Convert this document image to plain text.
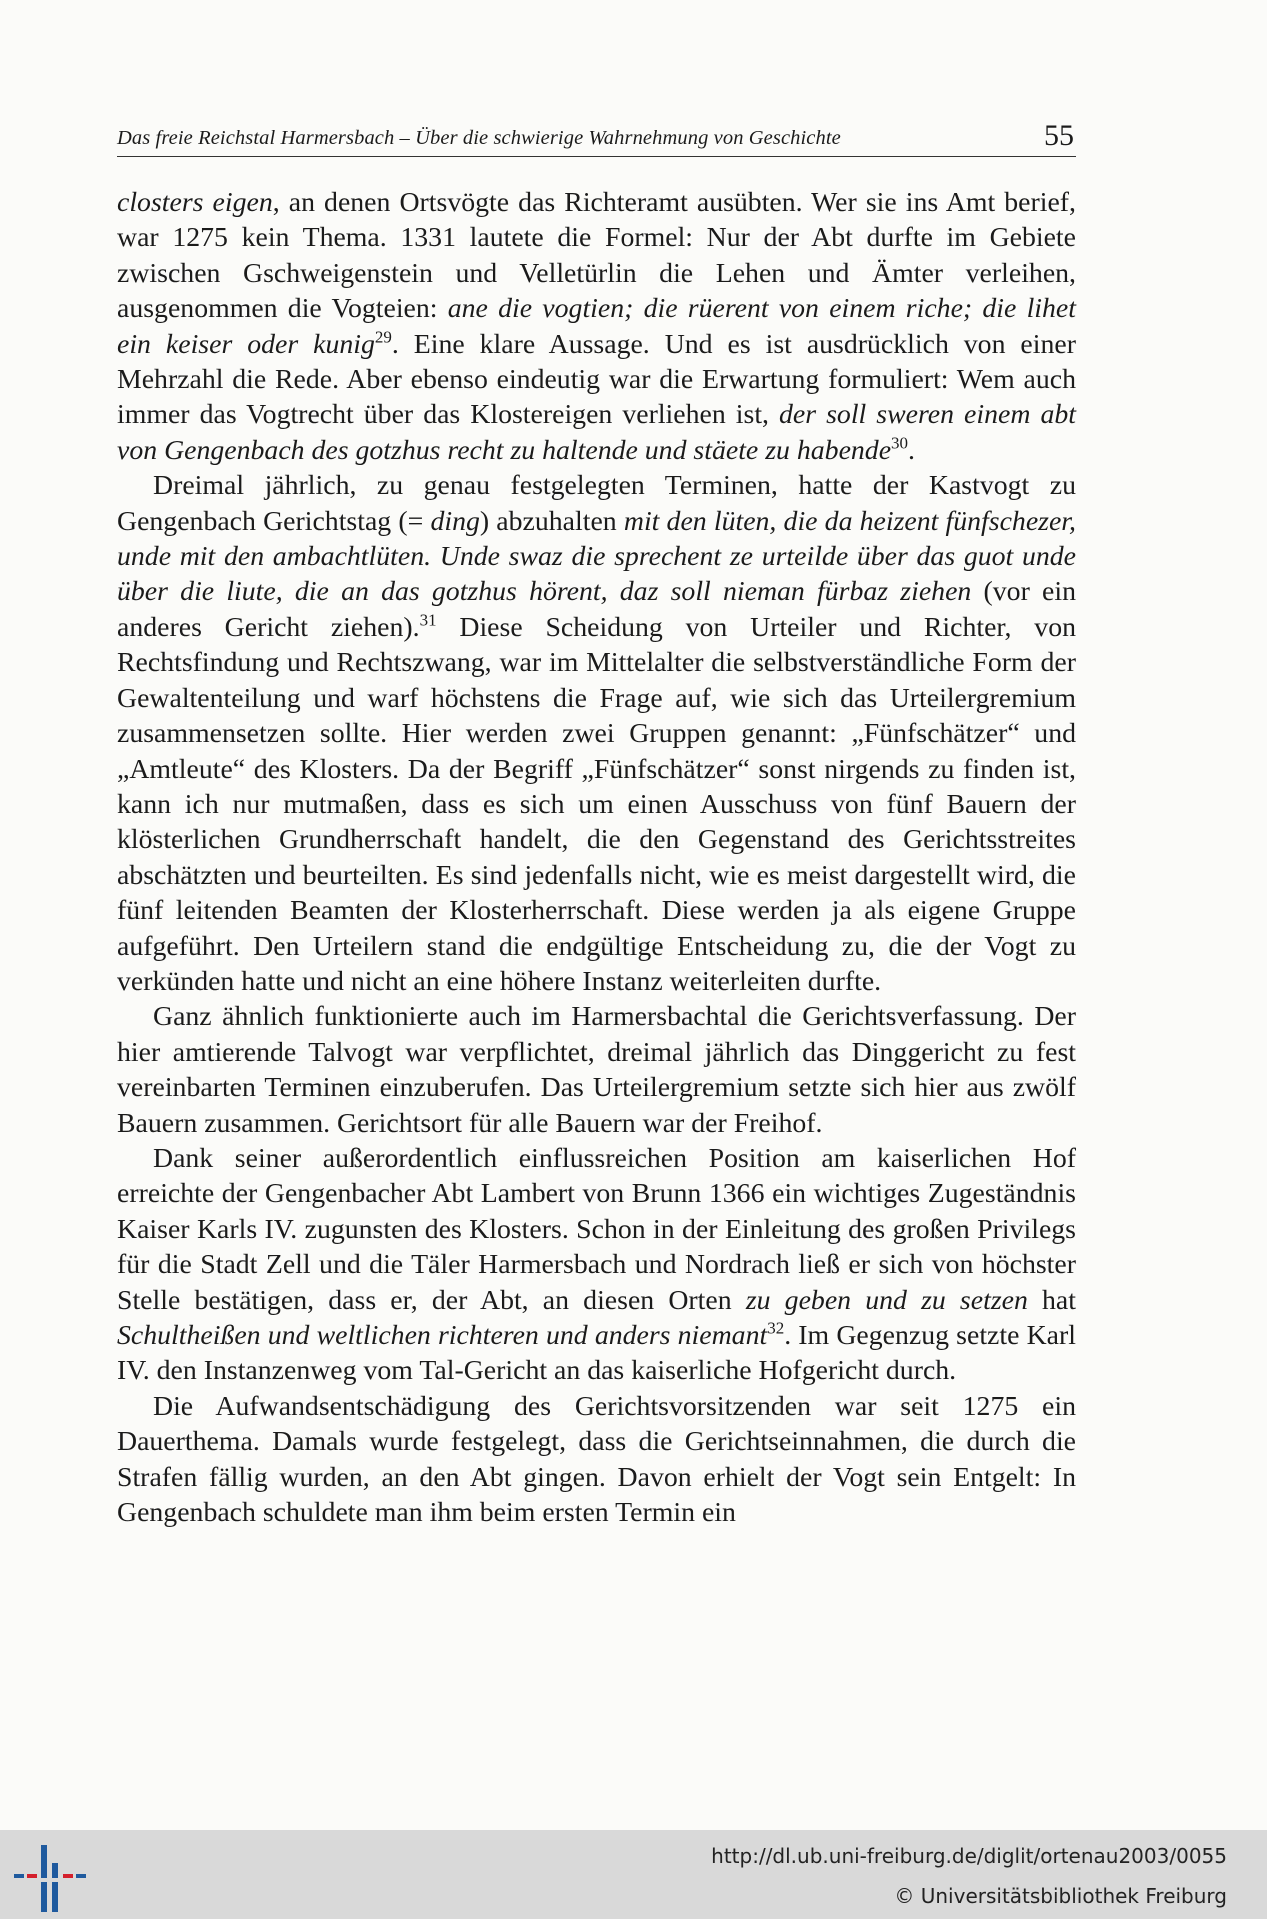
Das freie Reichstal Harmersbach – Über die schwierige Wahrnehmung von Geschichte	55

closters eigen, an denen Ortsvögte das Richteramt ausübten. Wer sie ins Amt berief, war 1275 kein Thema. 1331 lautete die Formel: Nur der Abt durfte im Gebiete zwischen Gschweigenstein und Velletürlin die Lehen und Ämter verleihen, ausgenommen die Vogteien: ane die vogtien; die rüerent von einem riche; die lihet ein keiser oder kunig$^{29}$. Eine klare Aussage. Und es ist ausdrücklich von einer Mehrzahl die Rede. Aber ebenso eindeutig war die Erwartung formuliert: Wem auch immer das Vogtrecht über das Klostereigen verliehen ist, der soll sweren einem abt von Gengenbach des gotzhus recht zu haltende und stäete zu habende$^{30}$.

Dreimal jährlich, zu genau festgelegten Terminen, hatte der Kastvogt zu Gengenbach Gerichtstag (= ding) abzuhalten mit den lüten, die da heizent fünfschezer, unde mit den ambachtlüten. Unde swaz die sprechent ze urteilde über das guot unde über die liute, die an das gotzhus hörent, daz soll nieman fürbaz ziehen (vor ein anderes Gericht ziehen).$^{31}$ Diese Scheidung von Urteiler und Richter, von Rechtsfindung und Rechtszwang, war im Mittelalter die selbstverständliche Form der Gewaltenteilung und warf höchstens die Frage auf, wie sich das Urteilergremium zusammensetzen sollte. Hier werden zwei Gruppen genannt: „Fünfschätzer“ und „Amtleute“ des Klosters. Da der Begriff „Fünfschätzer“ sonst nirgends zu finden ist, kann ich nur mutmaßen, dass es sich um einen Ausschuss von fünf Bauern der klösterlichen Grundherrschaft handelt, die den Gegenstand des Gerichtsstreites abschätzten und beurteilten. Es sind jedenfalls nicht, wie es meist dargestellt wird, die fünf leitenden Beamten der Klosterherrschaft. Diese werden ja als eigene Gruppe aufgeführt. Den Urteilern stand die endgültige Entscheidung zu, die der Vogt zu verkünden hatte und nicht an eine höhere Instanz weiterleiten durfte.

Ganz ähnlich funktionierte auch im Harmersbachtal die Gerichtsverfassung. Der hier amtierende Talvogt war verpflichtet, dreimal jährlich das Dinggericht zu fest vereinbarten Terminen einzuberufen. Das Urteilergremium setzte sich hier aus zwölf Bauern zusammen. Gerichtsort für alle Bauern war der Freihof.

Dank seiner außerordentlich einflussreichen Position am kaiserlichen Hof erreichte der Gengenbacher Abt Lambert von Brunn 1366 ein wichtiges Zugeständnis Kaiser Karls IV. zugunsten des Klosters. Schon in der Einleitung des großen Privilegs für die Stadt Zell und die Täler Harmersbach und Nordrach ließ er sich von höchster Stelle bestätigen, dass er, der Abt, an diesen Orten zu geben und zu setzen hat Schultheißen und weltlichen richteren und anders niemant$^{32}$. Im Gegenzug setzte Karl IV. den Instanzenweg vom Tal-Gericht an das kaiserliche Hofgericht durch.

Die Aufwandsentschädigung des Gerichtsvorsitzenden war seit 1275 ein Dauerthema. Damals wurde festgelegt, dass die Gerichtseinnahmen, die durch die Strafen fällig wurden, an den Abt gingen. Davon erhielt der Vogt sein Entgelt: In Gengenbach schuldete man ihm beim ersten Termin ein

http://dl.ub.uni-freiburg.de/diglit/ortenau2003/0055
© Universitätsbibliothek Freiburg
